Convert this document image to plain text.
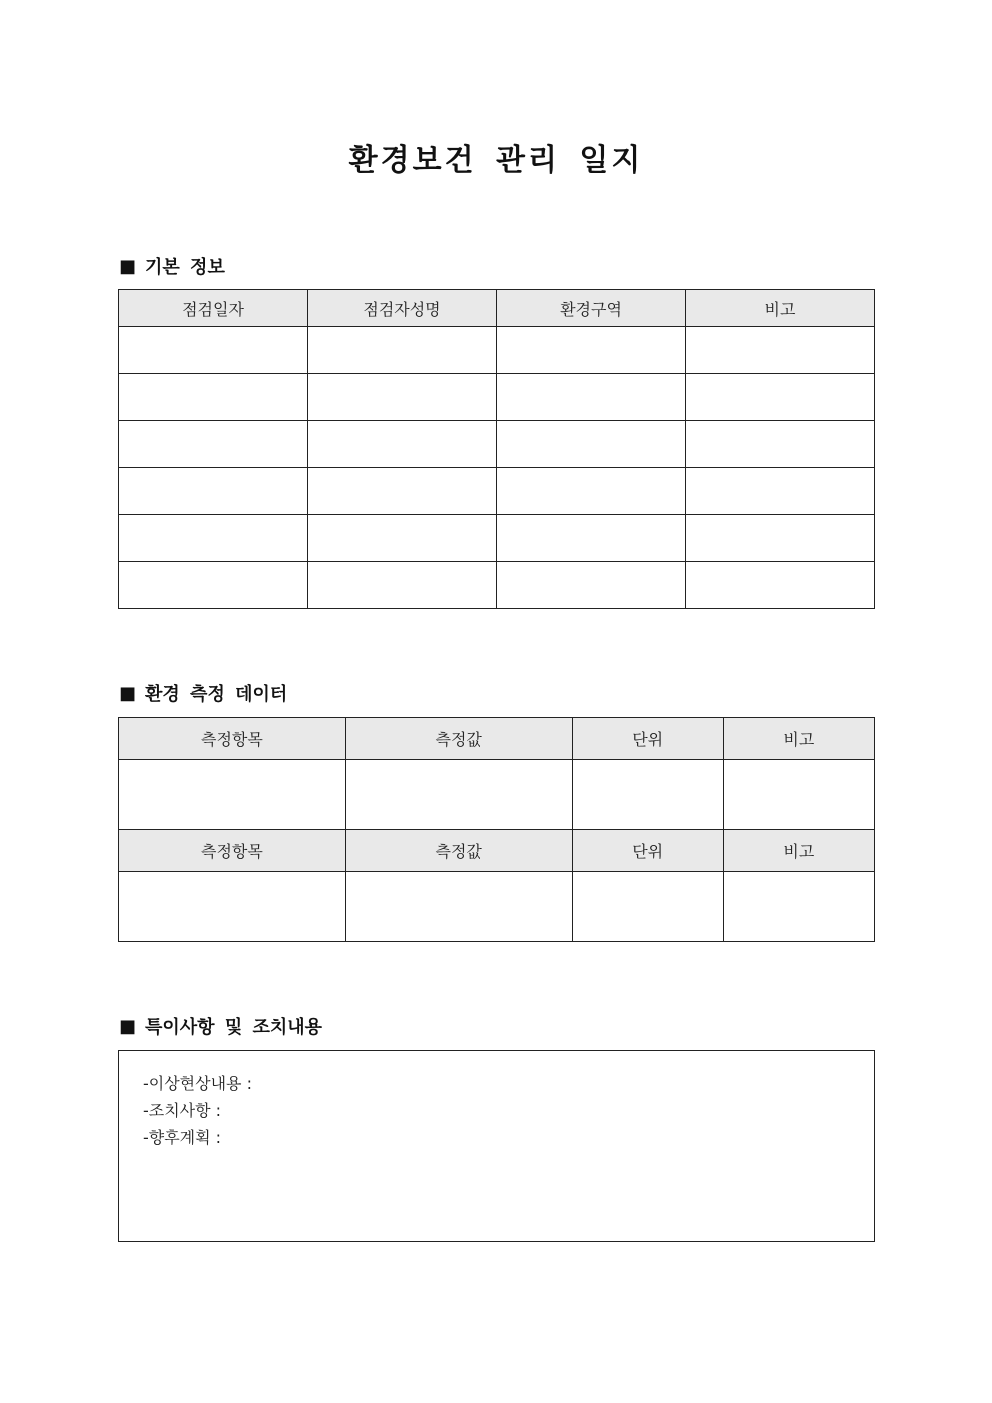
환경보건 관리 일지
■ 기본 정보
점검일자	점검자성명	환경구역	비고

■ 환경 측정 데이터
측정항목	측정값	단위	비고

측정항목	측정값	단위	비고

■ 특이사항 및 조치내용
-이상현상내용 :
-조치사항 :
-향후계획 :
